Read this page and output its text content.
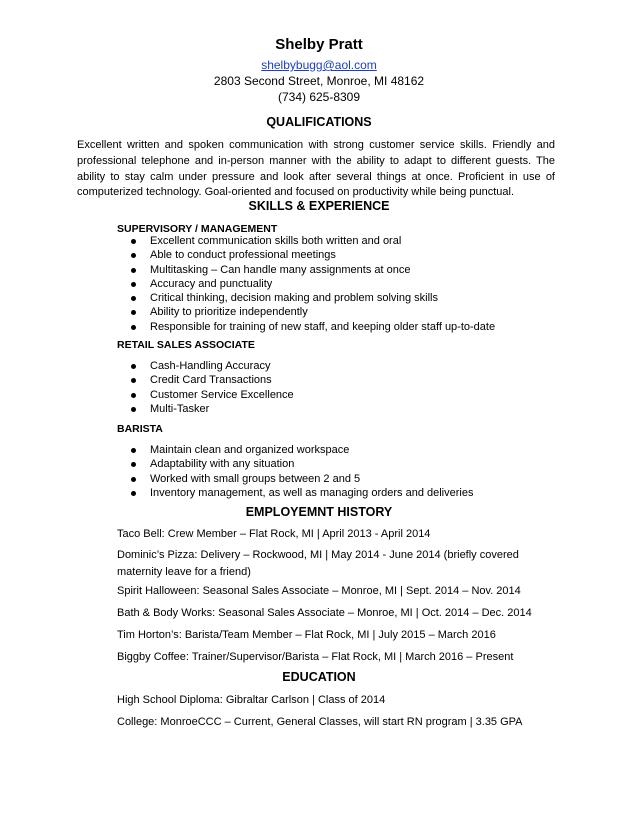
Shelby Pratt
shelbybugg@aol.com
2803 Second Street, Monroe, MI 48162
(734) 625-8309
QUALIFICATIONS
Excellent written and spoken communication with strong customer service skills. Friendly and professional telephone and in-person manner with the ability to adapt to different guests. The ability to stay calm under pressure and look after several things at once. Proficient in use of computerized technology. Goal-oriented and focused on productivity while being punctual.
SKILLS & EXPERIENCE
SUPERVISORY / MANAGEMENT
Excellent communication skills both written and oral
Able to conduct professional meetings
Multitasking – Can handle many assignments at once
Accuracy and punctuality
Critical thinking, decision making and problem solving skills
Ability to prioritize independently
Responsible for training of new staff, and keeping older staff up-to-date
RETAIL SALES ASSOCIATE
Cash-Handling Accuracy
Credit Card Transactions
Customer Service Excellence
Multi-Tasker
BARISTA
Maintain clean and organized workspace
Adaptability with any situation
Worked with small groups between 2 and 5
Inventory management, as well as managing orders and deliveries
EMPLOYEMNT HISTORY
Taco Bell: Crew Member – Flat Rock, MI | April 2013 - April 2014
Dominic’s Pizza: Delivery – Rockwood, MI | May 2014 - June 2014 (briefly covered maternity leave for a friend)
Spirit Halloween: Seasonal Sales Associate – Monroe, MI | Sept. 2014 – Nov. 2014
Bath & Body Works: Seasonal Sales Associate – Monroe, MI | Oct. 2014 – Dec. 2014
Tim Horton’s: Barista/Team Member – Flat Rock, MI | July 2015 – March 2016
Biggby Coffee: Trainer/Supervisor/Barista – Flat Rock, MI | March 2016 – Present
EDUCATION
High School Diploma: Gibraltar Carlson | Class of 2014
College: MonroeCCC – Current, General Classes, will start RN program | 3.35 GPA
